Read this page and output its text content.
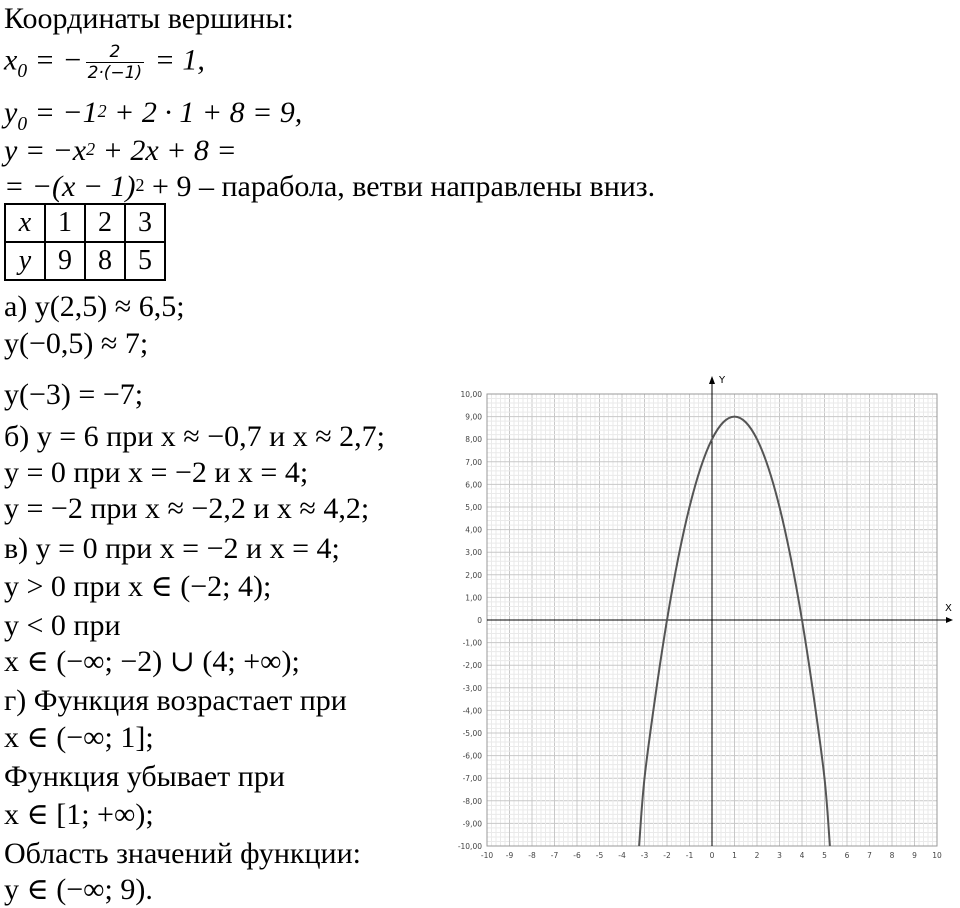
Координаты вершины:
$x_0$ = − $\frac{2}{2\cdot(-1)} = 1$,
$y_0 = -1^2 + 2 \cdot 1 + 8 = 9$,
$y = -x^2 + 2x + 8$ =
= $-(x - 1)^2 + 9$ – парабола, ветви направлены вниз.
x	1	2	3
y	9	8	5
а) y(2,5) ≈ 6,5;
y(−0,5) ≈ 7;
y(−3) = −7;
б) y = 6 при x ≈ −0,7 и x ≈ 2,7;
y = 0 при x = −2 и x = 4;
y = −2 при x ≈ −2,2 и x ≈ 4,2;
в) y = 0 при x = −2 и x = 4;
y > 0 при x ∈ (−2; 4);
y < 0 при
x ∈ (−∞; −2) ∪ (4; +∞);
г) Функция возрастает при
x ∈ (−∞; 1];
Функция убывает при
x ∈ [1; +∞);
Область значений функции:
y ∈ (−∞; 9).
-10 -9 -8 -7 -6 -5 -4 -3 -2 -1 0 1 2 3 4 5 6 7 8 9 10
10,00
9,00
8,00
7,00
6,00
5,00
4,00
3,00
2,00
1,00
0
-1,00
-2,00
-3,00
-4,00
-5,00
-6,00
-7,00
-8,00
-9,00
-10,00
X
Y
